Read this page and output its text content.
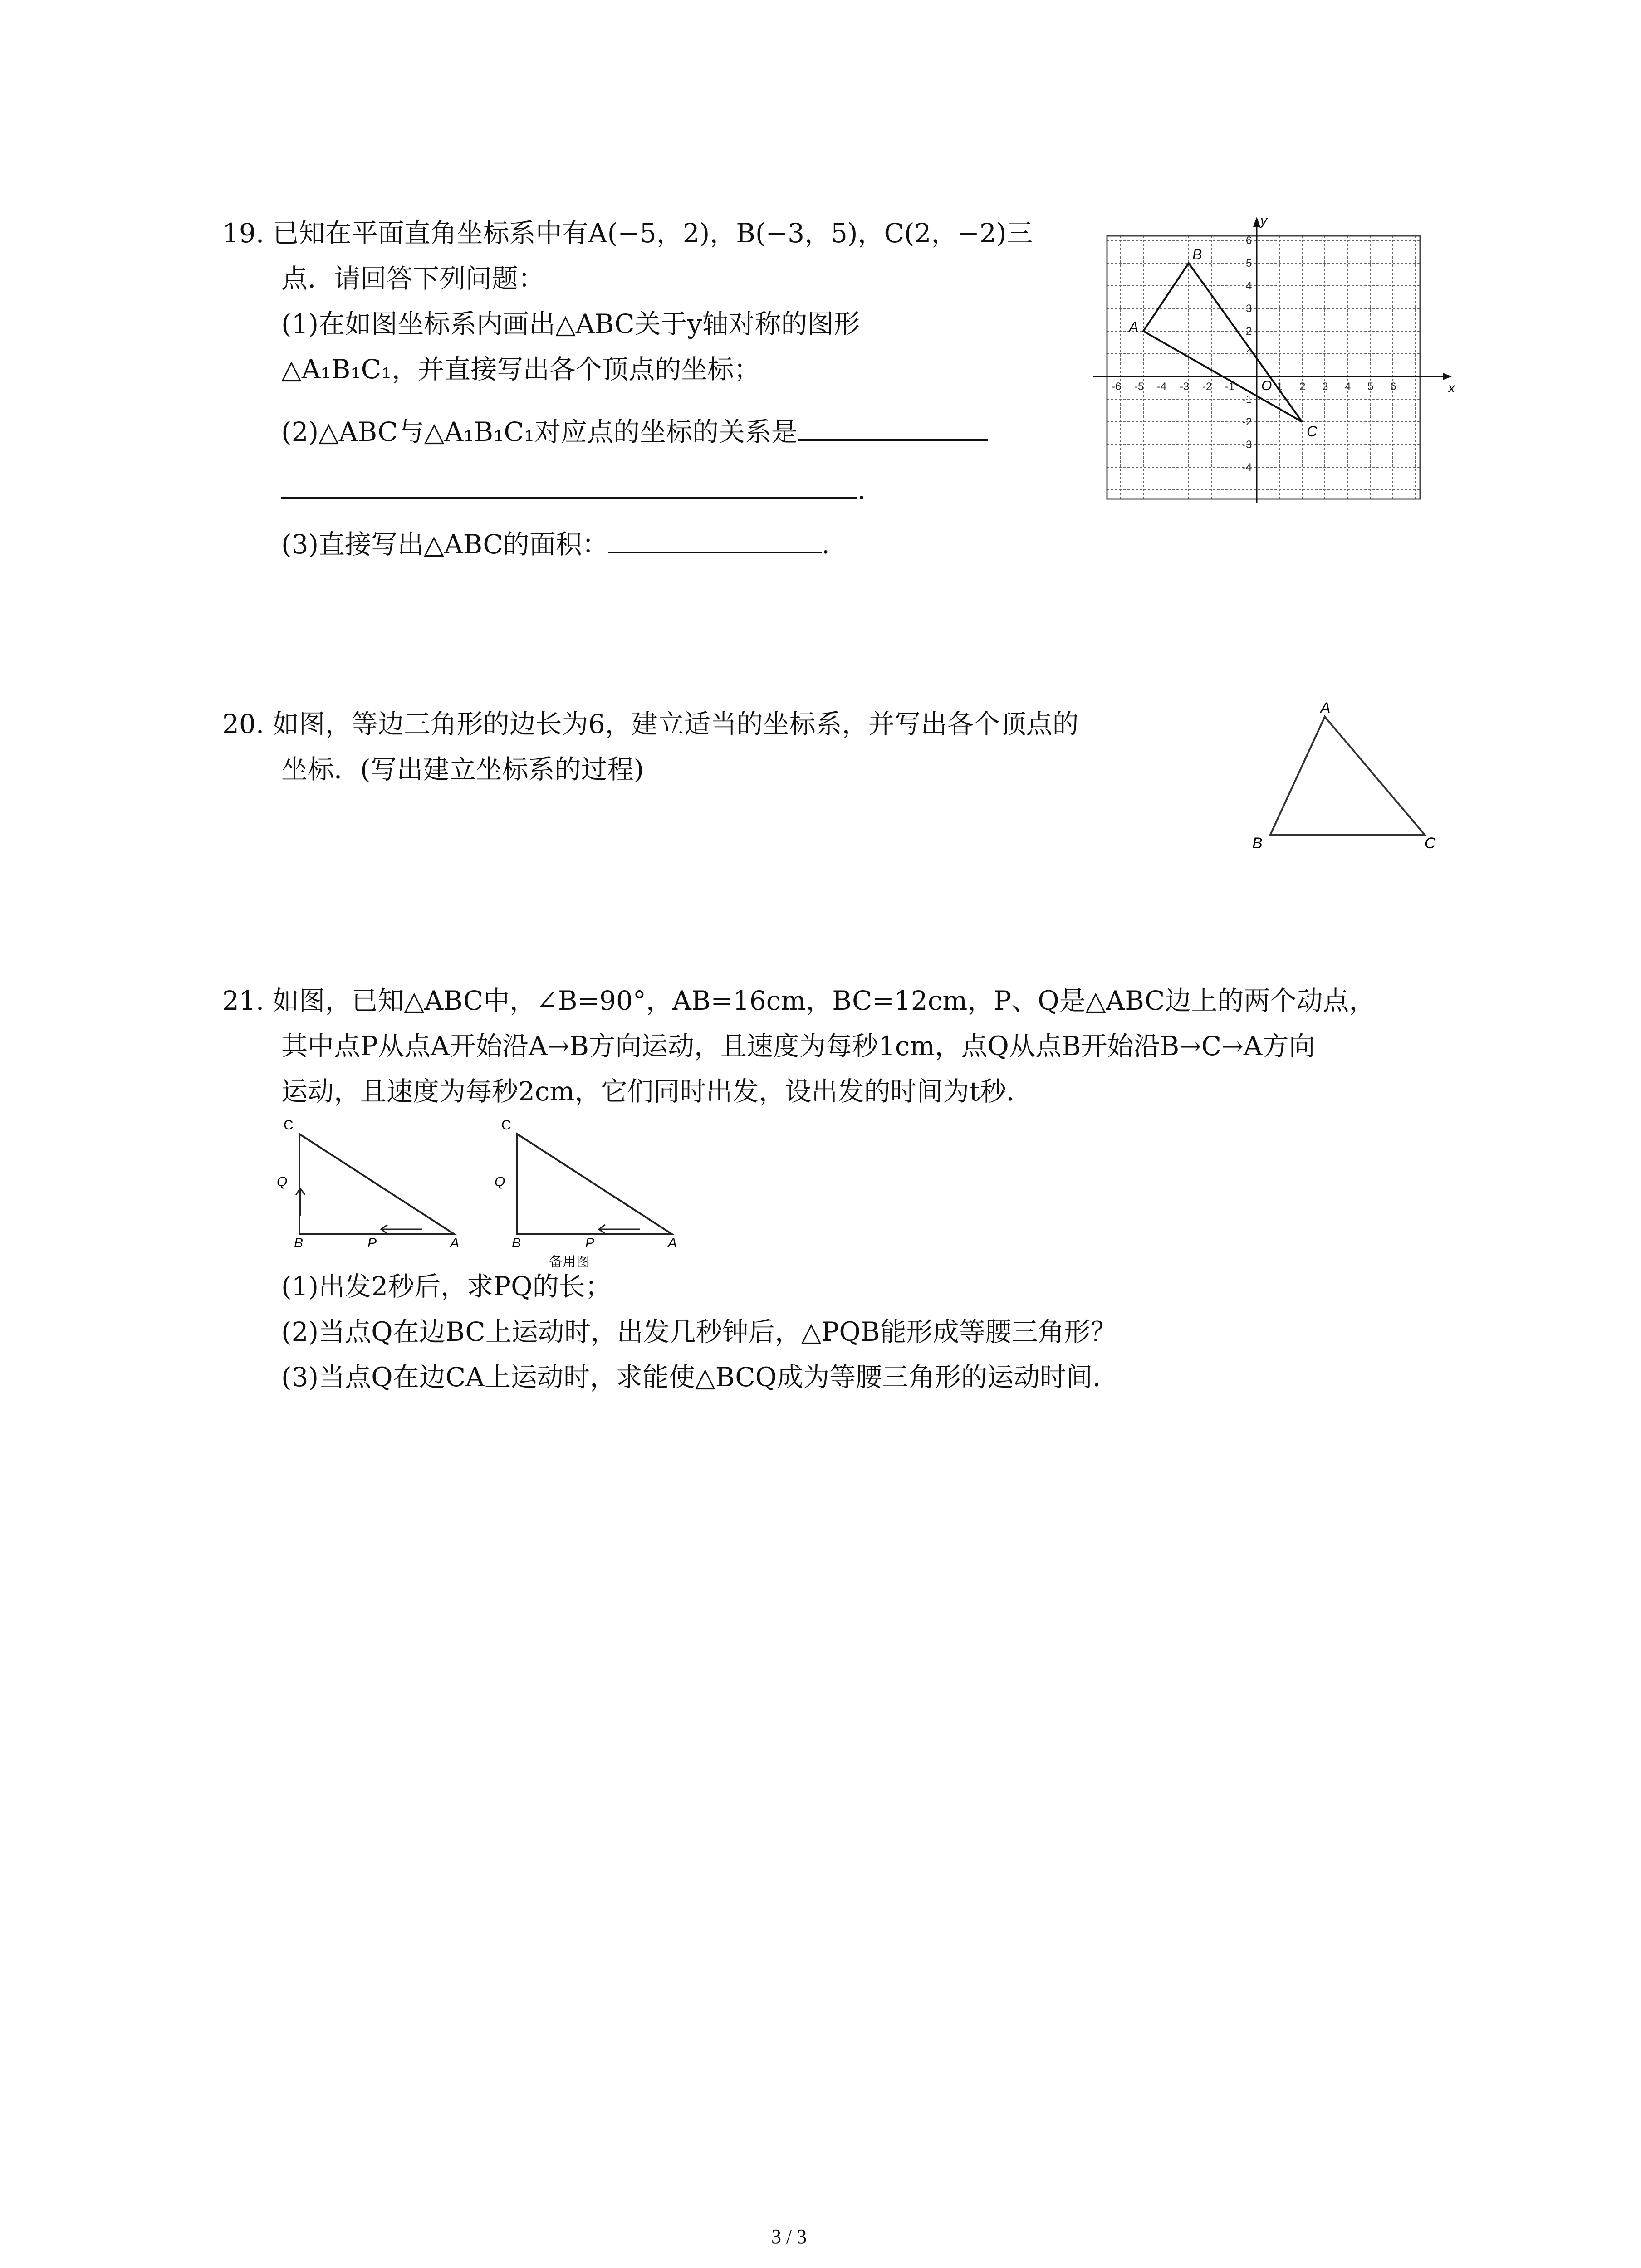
19. 已知在平面直角坐标系中有A(−5，2)，B(−3，5)，C(2，−2)三
点．请回答下列问题：
(1)在如图坐标系内画出△ABC关于y轴对称的图形
△A₁B₁C₁，并直接写出各个顶点的坐标；
(2)△ABC与△A₁B₁C₁对应点的坐标的关系是
．
(3)直接写出△ABC的面积：	．
x
y
O
-6 -5 -4 -3 -2 -1	1 2 3 4 5 6
6
5
4
3
2
1
-1
-2
-3
-4
A
B
C
20. 如图，等边三角形的边长为6，建立适当的坐标系，并写出各个顶点的
坐标．(写出建立坐标系的过程)
A
B	C
21. 如图，已知△ABC中，∠B=90°，AB=16cm，BC=12cm，P、Q是△ABC边上的两个动点，
其中点P从点A开始沿A→B方向运动，且速度为每秒1cm，点Q从点B开始沿B→C→A方向
运动，且速度为每秒2cm，它们同时出发，设出发的时间为t秒．
C
Q
B	P	A
C
Q
B	P	A
备用图
(1)出发2秒后，求PQ的长；
(2)当点Q在边BC上运动时，出发几秒钟后，△PQB能形成等腰三角形？
(3)当点Q在边CA上运动时，求能使△BCQ成为等腰三角形的运动时间．
3 / 3
